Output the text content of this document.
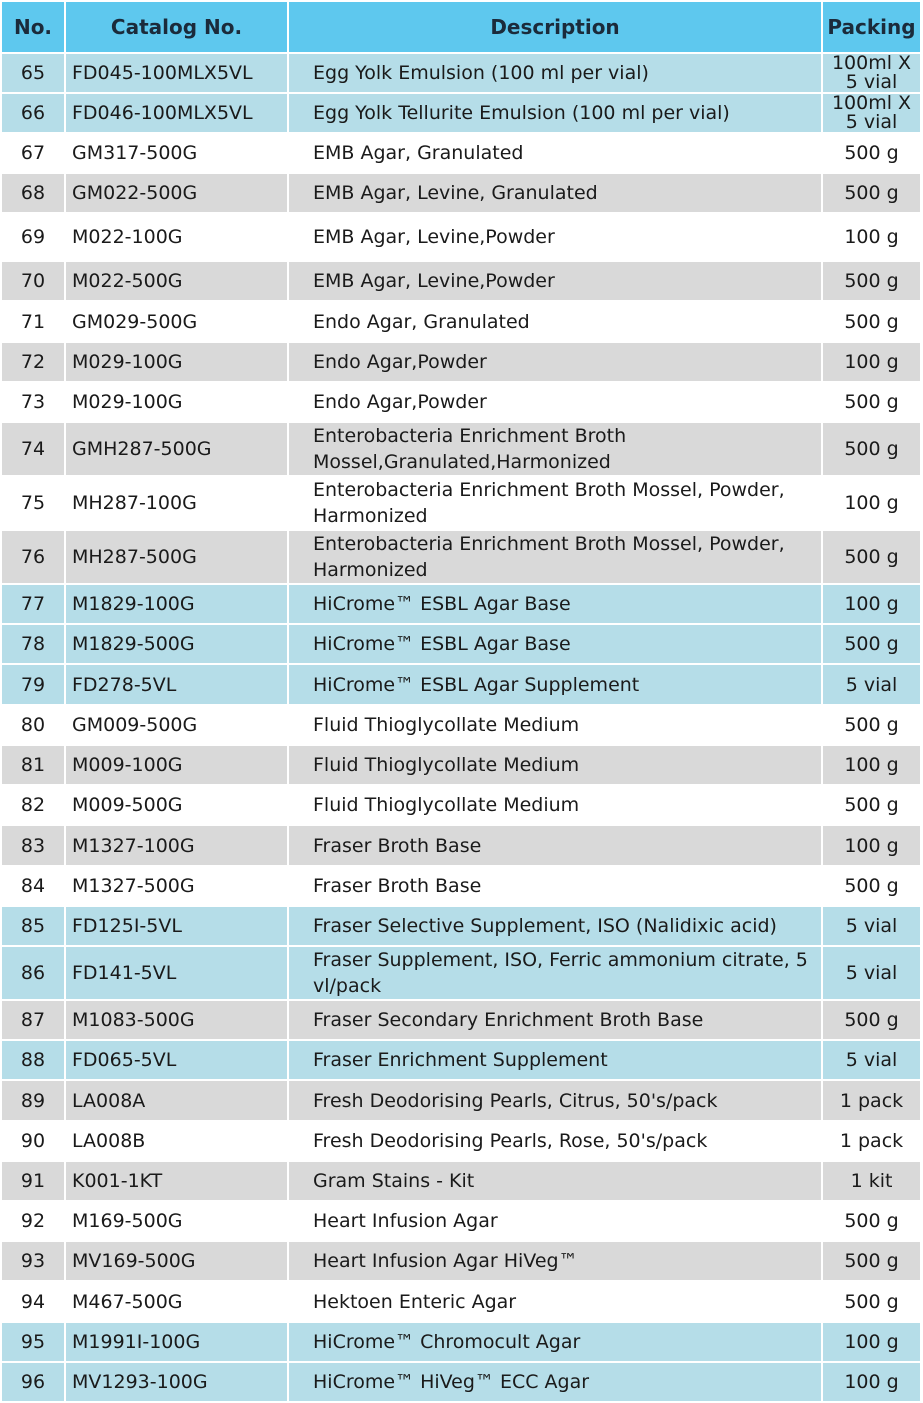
No.	Catalog No.	Description	Packing
65	FD045-100MLX5VL	Egg Yolk Emulsion (100 ml per vial)	100ml X 5 vial
66	FD046-100MLX5VL	Egg Yolk Tellurite Emulsion (100 ml per vial)	100ml X 5 vial
67	GM317-500G	EMB Agar, Granulated	500 g
68	GM022-500G	EMB Agar, Levine, Granulated	500 g
69	M022-100G	EMB Agar, Levine,Powder	100 g
70	M022-500G	EMB Agar, Levine,Powder	500 g
71	GM029-500G	Endo Agar, Granulated	500 g
72	M029-100G	Endo Agar,Powder	100 g
73	M029-100G	Endo Agar,Powder	500 g
74	GMH287-500G	Enterobacteria Enrichment Broth Mossel,Granulated,Harmonized	500 g
75	MH287-100G	Enterobacteria Enrichment Broth Mossel, Powder, Harmonized	100 g
76	MH287-500G	Enterobacteria Enrichment Broth Mossel, Powder, Harmonized	500 g
77	M1829-100G	HiCrome™ ESBL Agar Base	100 g
78	M1829-500G	HiCrome™ ESBL Agar Base	500 g
79	FD278-5VL	HiCrome™ ESBL Agar Supplement	5 vial
80	GM009-500G	Fluid Thioglycollate Medium	500 g
81	M009-100G	Fluid Thioglycollate Medium	100 g
82	M009-500G	Fluid Thioglycollate Medium	500 g
83	M1327-100G	Fraser Broth Base	100 g
84	M1327-500G	Fraser Broth Base	500 g
85	FD125I-5VL	Fraser Selective Supplement, ISO (Nalidixic acid)	5 vial
86	FD141-5VL	Fraser Supplement, ISO, Ferric ammonium citrate, 5 vl/pack	5 vial
87	M1083-500G	Fraser Secondary Enrichment Broth Base	500 g
88	FD065-5VL	Fraser Enrichment Supplement	5 vial
89	LA008A	Fresh Deodorising Pearls, Citrus, 50's/pack	1 pack
90	LA008B	Fresh Deodorising Pearls, Rose, 50's/pack	1 pack
91	K001-1KT	Gram Stains - Kit	1 kit
92	M169-500G	Heart Infusion Agar	500 g
93	MV169-500G	Heart Infusion Agar HiVeg™	500 g
94	M467-500G	Hektoen Enteric Agar	500 g
95	M1991I-100G	HiCrome™ Chromocult Agar	100 g
96	MV1293-100G	HiCrome™ HiVeg™ ECC Agar	100 g
